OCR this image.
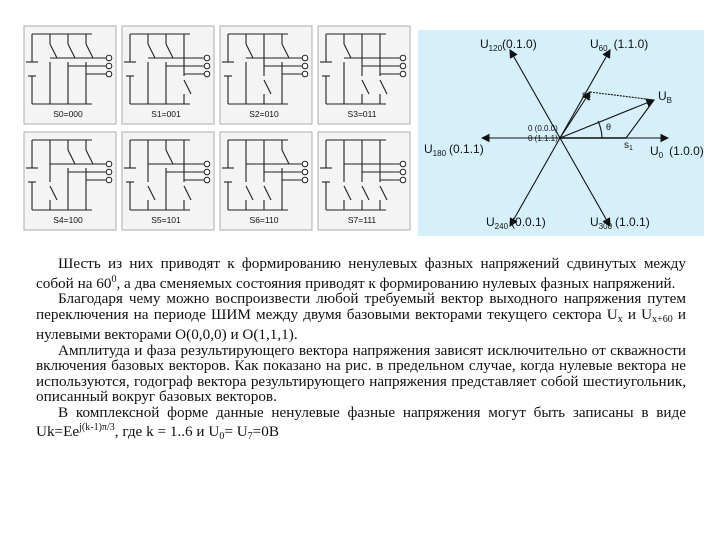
S0=000	S1=001	S2=010	S3=011
S4=100	S5=101	S6=110	S7=111
$U_{120}(0.1.0)$	$U_{60}$ (1.1.0)
$U_{180}$ (0.1.1)	$U_0$ (1.0.0)
$U_{240}$ (0.0.1)	$U_{300}$ (1.0.1)
$U_B$
$s_2$
$s_1$
θ
0 (0.0.0)
0 (1.1.1)

Шесть из них приводят к формированию ненулевых фазных напряжений сдвинутых между собой на $60^0$, а два сменяемых состояния приводят к формированию нулевых фазных напряжений.

Благодаря чему можно воспроизвести любой требуемый вектор выходного напряжения путем переключения на периоде ШИМ между двумя базовыми векторами текущего сектора $U_x$ и $U_{x+60}$ и нулевыми векторами O(0,0,0) и O(1,1,1).

Амплитуда и фаза результирующего вектора напряжения зависят исключительно от скважности включения базовых векторов. Как показано на рис. в предельном случае, когда нулевые вектора не используются, годограф вектора результирующего напряжения представляет собой шестиугольник, описанный вокруг базовых векторов.

В комплексной форме данные ненулевые фазные напряжения могут быть записаны в виде $Uk=Ee^{j(k-1)\pi/3}$, где k = 1..6 и $U_0= U_7=0B$
